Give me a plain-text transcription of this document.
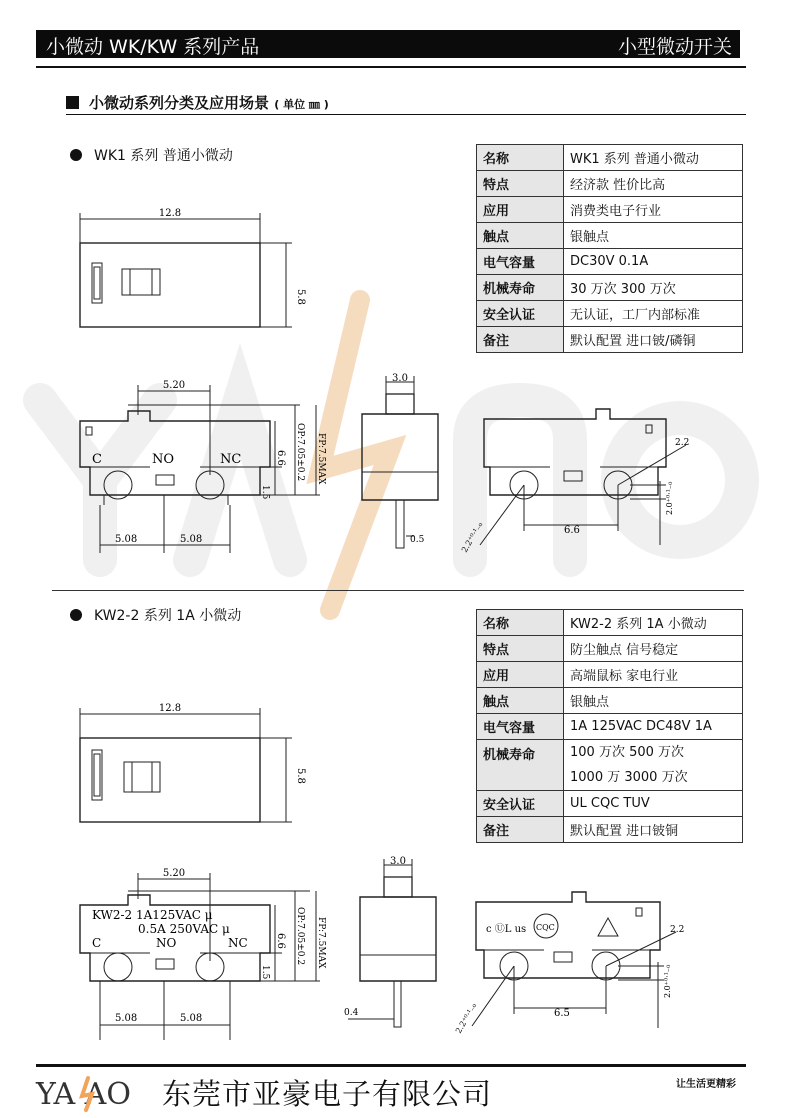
小微动 WK/KW 系列产品	小型微动开关
小微动系列分类及应用场景 ( 单位 ㎜ )
WK1 系列 普通小微动	名称	WK1 系列 普通小微动
特点	经济款 性价比高
应用	消费类电子行业
触点	银触点
电气容量	DC30V 0.1A
机械寿命	30 万次 300 万次
安全认证	无认证，工厂内部标准
备注	默认配置 进口铍/磷铜
12.8
5.8
5.20
C	NO	NC
5.08	5.08
6.6 OP:7.05±0.2 FP:7.5MAX
1.5
3.0
0.5
2.2
6.6
2.2⁺⁰·¹₋₀
2.0⁺⁰·¹₋₀
KW2-2 系列 1A 小微动
名称	KW2-2 系列 1A 小微动
特点	防尘触点 信号稳定
应用	高端鼠标 家电行业
触点	银触点
电气容量	1A 125VAC DC48V 1A
机械寿命	100 万次 500 万次
1000 万 3000 万次

安全认证	UL CQC TUV
备注	默认配置 进口铍铜
12.8
5.8
5.20
KW2-2 1A125VAC μ
0.5A 250VAC μ
C	NO	NC
5.08	5.08
6.6 OP:7.05±0.2 FP:7.5MAX
1.5
3.0
0.4
c ⓊL us CQC	2.2
6.5
2.2⁺⁰·¹₋₀
2.0⁺⁰·¹₋₀
YA AO 东莞市亚豪电子有限公司	让生活更精彩
